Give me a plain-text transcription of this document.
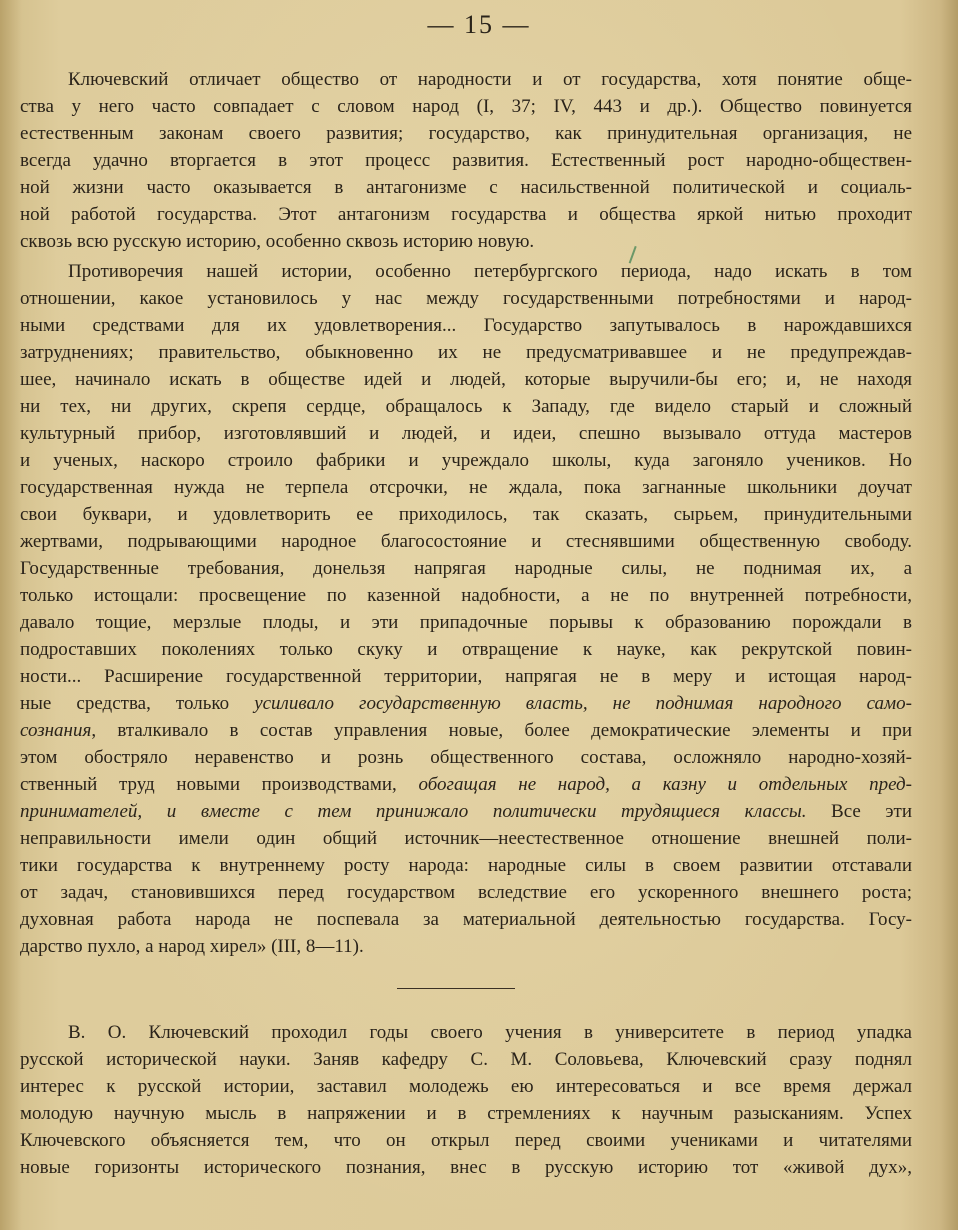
— 15 —
Ключевский отличает общество от народности и от государства, хотя понятие обще-
ства у него часто совпадает с словом народ (I, 37; IV, 443 и др.). Общество повинуется
естественным законам своего развития; государство, как принудительная организация, не
всегда удачно вторгается в этот процесс развития. Естественный рост народно-обществен-
ной жизни часто оказывается в антагонизме с насильственной политической и социаль-
ной работой государства. Этот антагонизм государства и общества яркой нитью проходит
сквозь всю русскую историю, особенно сквозь историю новую.
Противоречия нашей истории, особенно петербургского периода, надо искать в том
отношении, какое установилось у нас между государственными потребностями и народ-
ными средствами для их удовлетворения... Государство запутывалось в нарождавшихся
затруднениях; правительство, обыкновенно их не предусматривавшее и не предупреждав-
шее, начинало искать в обществе идей и людей, которые выручили-бы его; и, не находя
ни тех, ни других, скрепя сердце, обращалось к Западу, где видело старый и сложный
культурный прибор, изготовлявший и людей, и идеи, спешно вызывало оттуда мастеров
и ученых, наскоро строило фабрики и учреждало школы, куда загоняло учеников. Но
государственная нужда не терпела отсрочки, не ждала, пока загнанные школьники доучат
свои буквари, и удовлетворить ее приходилось, так сказать, сырьем, принудительными
жертвами, подрывающими народное благосостояние и стеснявшими общественную свободу.
Государственные требования, донельзя напрягая народные силы, не поднимая их, а
только истощали: просвещение по казенной надобности, а не по внутренней потребности,
давало тощие, мерзлые плоды, и эти припадочные порывы к образованию порождали в
подроставших поколениях только скуку и отвращение к науке, как рекрутской повин-
ности... Расширение государственной территории, напрягая не в меру и истощая народ-
ные средства, только усиливало государственную власть, не поднимая народного само-
сознания, вталкивало в состав управления новые, более демократические элементы и при
этом обостряло неравенство и рознь общественного состава, осложняло народно-хозяй-
ственный труд новыми производствами, обогащая не народ, а казну и отдельных пред-
принимателей, и вместе с тем принижало политически трудящиеся классы. Все эти
неправильности имели один общий источник—неестественное отношение внешней поли-
тики государства к внутреннему росту народа: народные силы в своем развитии отставали
от задач, становившихся перед государством вследствие его ускоренного внешнего роста;
духовная работа народа не поспевала за материальной деятельностью государства. Госу-
дарство пухло, а народ хирел» (III, 8—11).
В. О. Ключевский проходил годы своего учения в университете в период упадка
русской исторической науки. Заняв кафедру С. М. Соловьева, Ключевский сразу поднял
интерес к русской истории, заставил молодежь ею интересоваться и все время держал
молодую научную мысль в напряжении и в стремлениях к научным разысканиям. Успех
Ключевского объясняется тем, что он открыл перед своими учениками и читателями
новые горизонты исторического познания, внес в русскую историю тот «живой дух»,
